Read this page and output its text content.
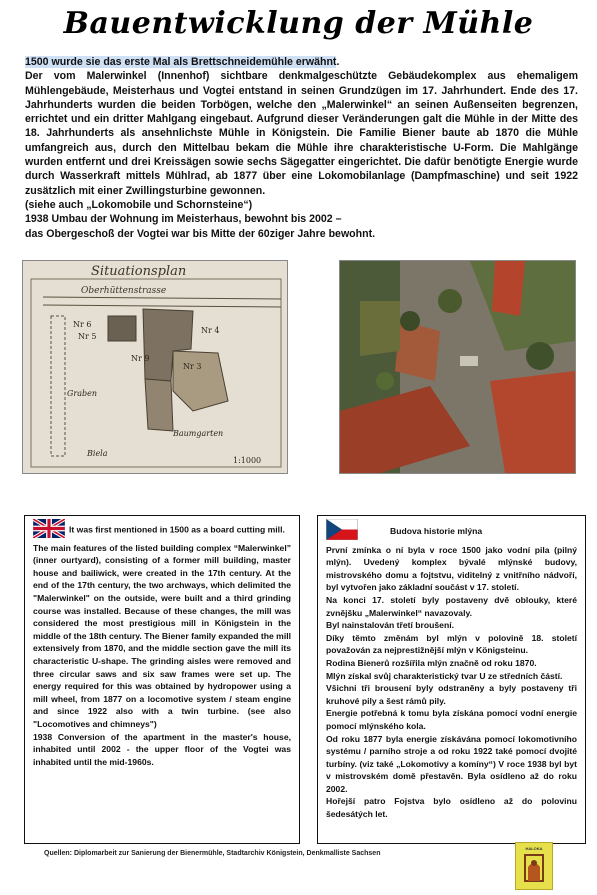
Bauentwicklung der Mühle

1500 wurde sie das erste Mal als Brettschneidemühle erwähnt.

Der vom Malerwinkel (Innenhof) sichtbare denkmalgeschützte Gebäudekomplex aus ehemaligem Mühlengebäude, Meisterhaus und Vogtei entstand in seinen Grundzügen im 17. Jahrhundert. Ende des 17. Jahrhunderts wurden die beiden Torbögen, welche den „Malerwinkel“ an seinen Außenseiten begrenzen, errichtet und ein dritter Mahlgang eingebaut. Aufgrund dieser Veränderungen galt die Mühle in der Mitte des 18. Jahrhunderts als ansehnlichste Mühle in Königstein. Die Familie Biener baute ab 1870 die Mühle umfangreich aus, durch den Mittelbau bekam die Mühle ihre charakteristische U-Form. Die Mahlgänge wurden entfernt und drei Kreissägen sowie sechs Sägegatter eingerichtet. Die dafür benötigte Energie wurde durch Wasserkraft mittels Mühlrad, ab 1877 über eine Lokomobilanlage (Dampfmaschine) und seit 1922 zusätzlich mit einer Zwillingsturbine gewonnen.

(siehe auch „Lokomobile und Schornsteine“)

1938 Umbau der Wohnung im Meisterhaus, bewohnt bis 2002 –

das Obergeschoß der Vogtei war bis Mitte der 60ziger Jahre bewohnt.

Situationsplan
Oberhüttenstrasse
Nr 6
Nr 5
Nr 4
Nr 3
Nr 9
Graben
Baumgarten
Biela
1:1000

It was first mentioned in 1500 as a board cutting mill.

The main features of the listed building complex “Malerwinkel” (inner ourtyard), consisting of a former mill building, master house and bailiwick, were created in the 17th century. At the end of the 17th century, the two archways, which delimited the "Malerwinkel" on the outside, were built and a third grinding course was installed. Because of these changes, the mill was considered the most prestigious mill in Königstein in the middle of the 18th century. The Biener family expanded the mill extensively from 1870, and the middle section gave the mill its characteristic U-shape. The grinding aisles were removed and three circular saws and six saw frames were set up. The energy required for this was obtained by hydropower using a mill wheel, from 1877 on a locomotive system / steam engine and since 1922 also with a twin turbine. (see also "Locomotives and chimneys")

1938 Conversion of the apartment in the master's house, inhabited until 2002 - the upper floor of the Vogtei was inhabited until the mid-1960s.

Budova historie mlýna

První zmínka o ní byla v roce 1500 jako vodní pila (pilný mlýn). Uvedený komplex bývalé mlýnské budovy, mistrovského domu a fojtstvu, viditelný z vnitřního nádvoří, byl vytvořen jako základní součást v 17. století.

Na konci 17. století byly postaveny dvě oblouky, které zvnějšku „Malerwinkel“ navazovaly.

Byl nainstalován třetí broušení.

Díky těmto změnám byl mlýn v polovině 18. století považován za nejprestižnější mlýn v Königsteinu.

Rodina Bienerů rozšířila mlýn značně od roku 1870.

Mlýn získal svůj charakteristický tvar U ze středních částí.

Všichni tři brousení byly odstraněny a byly postaveny tři kruhové pily a šest rámů pily.

Energie potřebná k tomu byla získána pomocí vodní energie pomocí mlýnského kola.

Od roku 1877 byla energie získávána pomocí lokomotivního systému / parního stroje a od roku 1922 také pomocí dvojité turbíny. (viz také „Lokomotivy a komíny“) V roce 1938 byl byt v mistrovském domě přestavěn. Byla osídleno až do roku 2002.

Hořejší patro Fojstva bylo osídleno až do polovinu šedesátých let.

Quellen: Diplomarbeit zur Sanierung der Bienermühle, Stadtarchiv Königstein, Denkmalliste Sachsen
HALOKA
